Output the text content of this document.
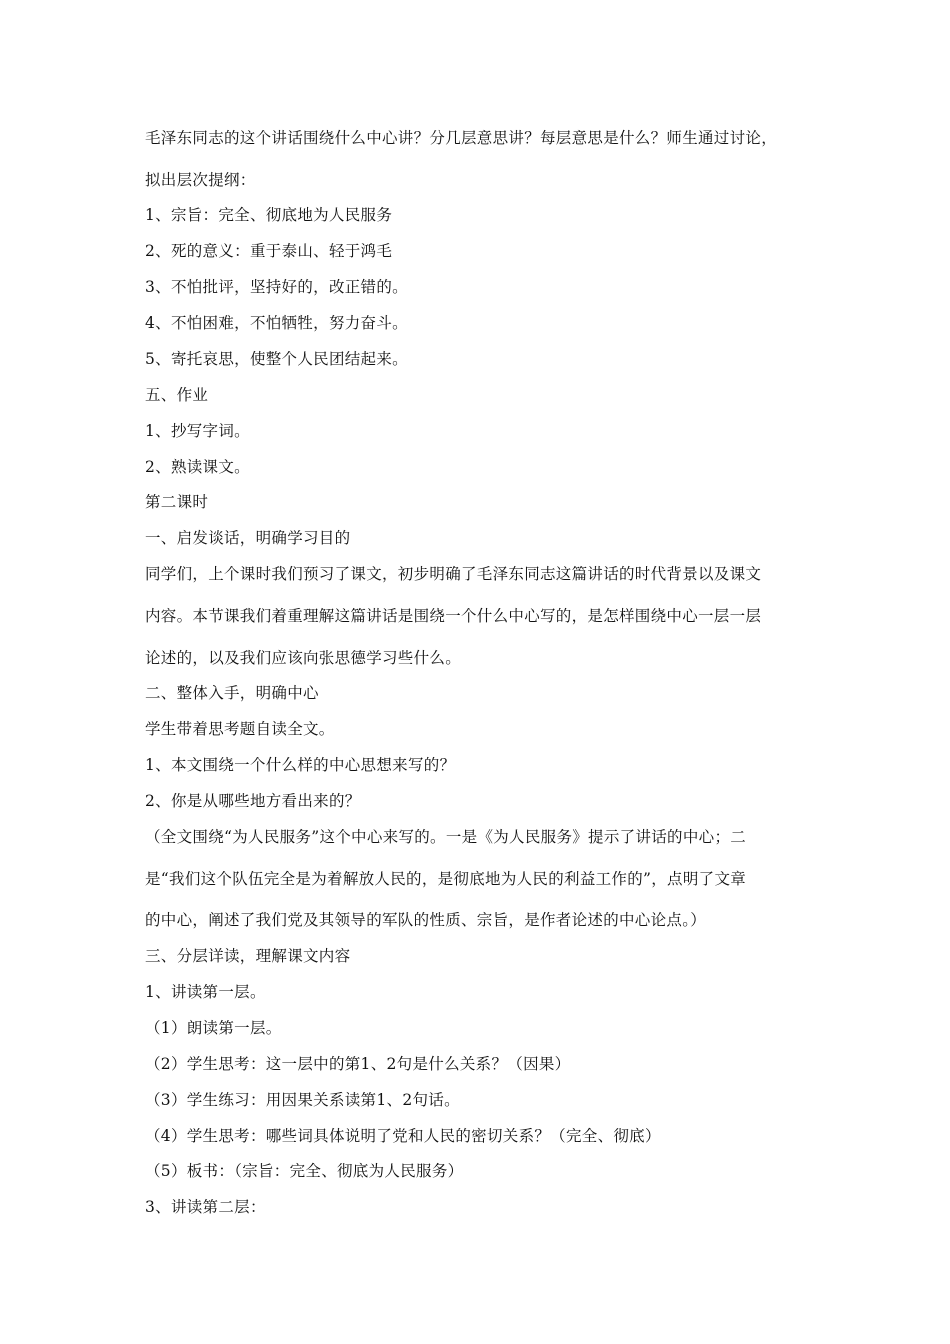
毛泽东同志的这个讲话围绕什么中心讲？分几层意思讲？每层意思是什么？师生通过讨论，
拟出层次提纲：
1、宗旨：完全、彻底地为人民服务
2、死的意义：重于泰山、轻于鸿毛
3、不怕批评，坚持好的，改正错的。
4、不怕困难，不怕牺牲，努力奋斗。
5、寄托哀思，使整个人民团结起来。
五、作业
1、抄写字词。
2、熟读课文。
第二课时
一、启发谈话，明确学习目的
同学们，上个课时我们预习了课文，初步明确了毛泽东同志这篇讲话的时代背景以及课文
内容。本节课我们着重理解这篇讲话是围绕一个什么中心写的，是怎样围绕中心一层一层
论述的，以及我们应该向张思德学习些什么。
二、整体入手，明确中心
学生带着思考题自读全文。
1、本文围绕一个什么样的中心思想来写的？
2、你是从哪些地方看出来的？
（全文围绕“为人民服务”这个中心来写的。一是《为人民服务》提示了讲话的中心；二
是“我们这个队伍完全是为着解放人民的，是彻底地为人民的利益工作的”，点明了文章
的中心，阐述了我们党及其领导的军队的性质、宗旨，是作者论述的中心论点。）
三、分层详读，理解课文内容
1、讲读第一层。
（1）朗读第一层。
（2）学生思考：这一层中的第1、2句是什么关系？（因果）
（3）学生练习：用因果关系读第1、2句话。
（4）学生思考：哪些词具体说明了党和人民的密切关系？（完全、彻底）
（5）板书：（宗旨：完全、彻底为人民服务）
3、讲读第二层：
